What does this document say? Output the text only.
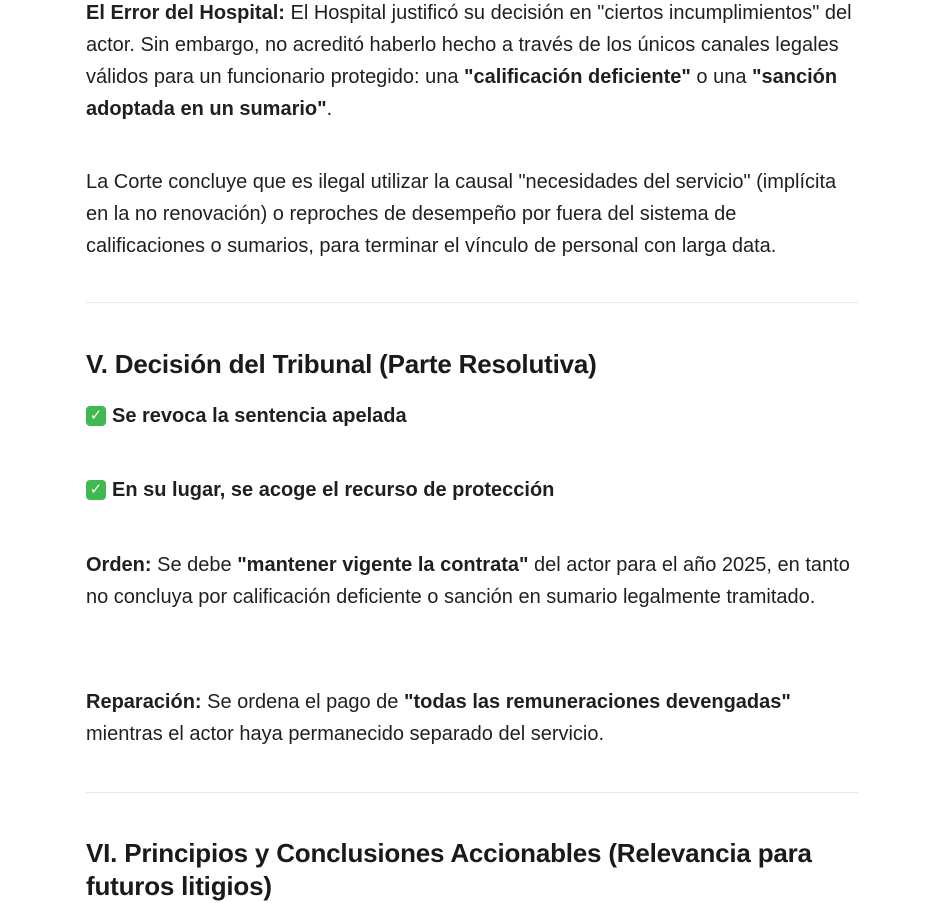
El Error del Hospital: El Hospital justificó su decisión en "ciertos incumplimientos" del actor. Sin embargo, no acreditó haberlo hecho a través de los únicos canales legales válidos para un funcionario protegido: una "calificación deficiente" o una "sanción adoptada en un sumario".

La Corte concluye que es ilegal utilizar la causal "necesidades del servicio" (implícita en la no renovación) o reproches de desempeño por fuera del sistema de calificaciones o sumarios, para terminar el vínculo de personal con larga data.

V. Decisión del Tribunal (Parte Resolutiva)
✓ Se revoca la sentencia apelada
✓ En su lugar, se acoge el recurso de protección

Orden: Se debe "mantener vigente la contrata" del actor para el año 2025, en tanto no concluya por calificación deficiente o sanción en sumario legalmente tramitado.

Reparación: Se ordena el pago de "todas las remuneraciones devengadas"
mientras el actor haya permanecido separado del servicio.

VI. Principios y Conclusiones Accionables (Relevancia para futuros litigios)
